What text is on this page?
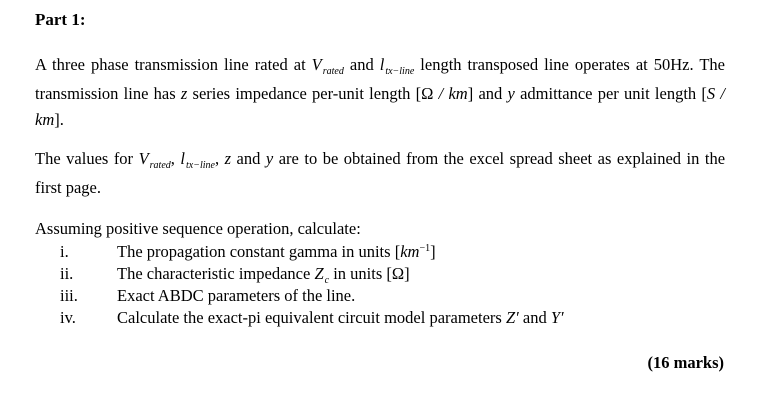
Part 1:
A three phase transmission line rated at $V_{rated}$ and $l_{tx-line}$ length transposed line operates at 50Hz. The transmission line has z series impedance per-unit length [Ω / km] and y admittance per unit length [S / km].
The values for $V_{rated}$, $l_{tx-line}$, z and y are to be obtained from the excel spread sheet as explained in the first page.
Assuming positive sequence operation, calculate:
i.	The propagation constant gamma in units $[km^{-1}]$
ii.	The characteristic impedance $Z_c$ in units [Ω]
iii. Exact ABDC parameters of the line.
iv. Calculate the exact-pi equivalent circuit model parameters Z′ and Y′
(16 marks)
